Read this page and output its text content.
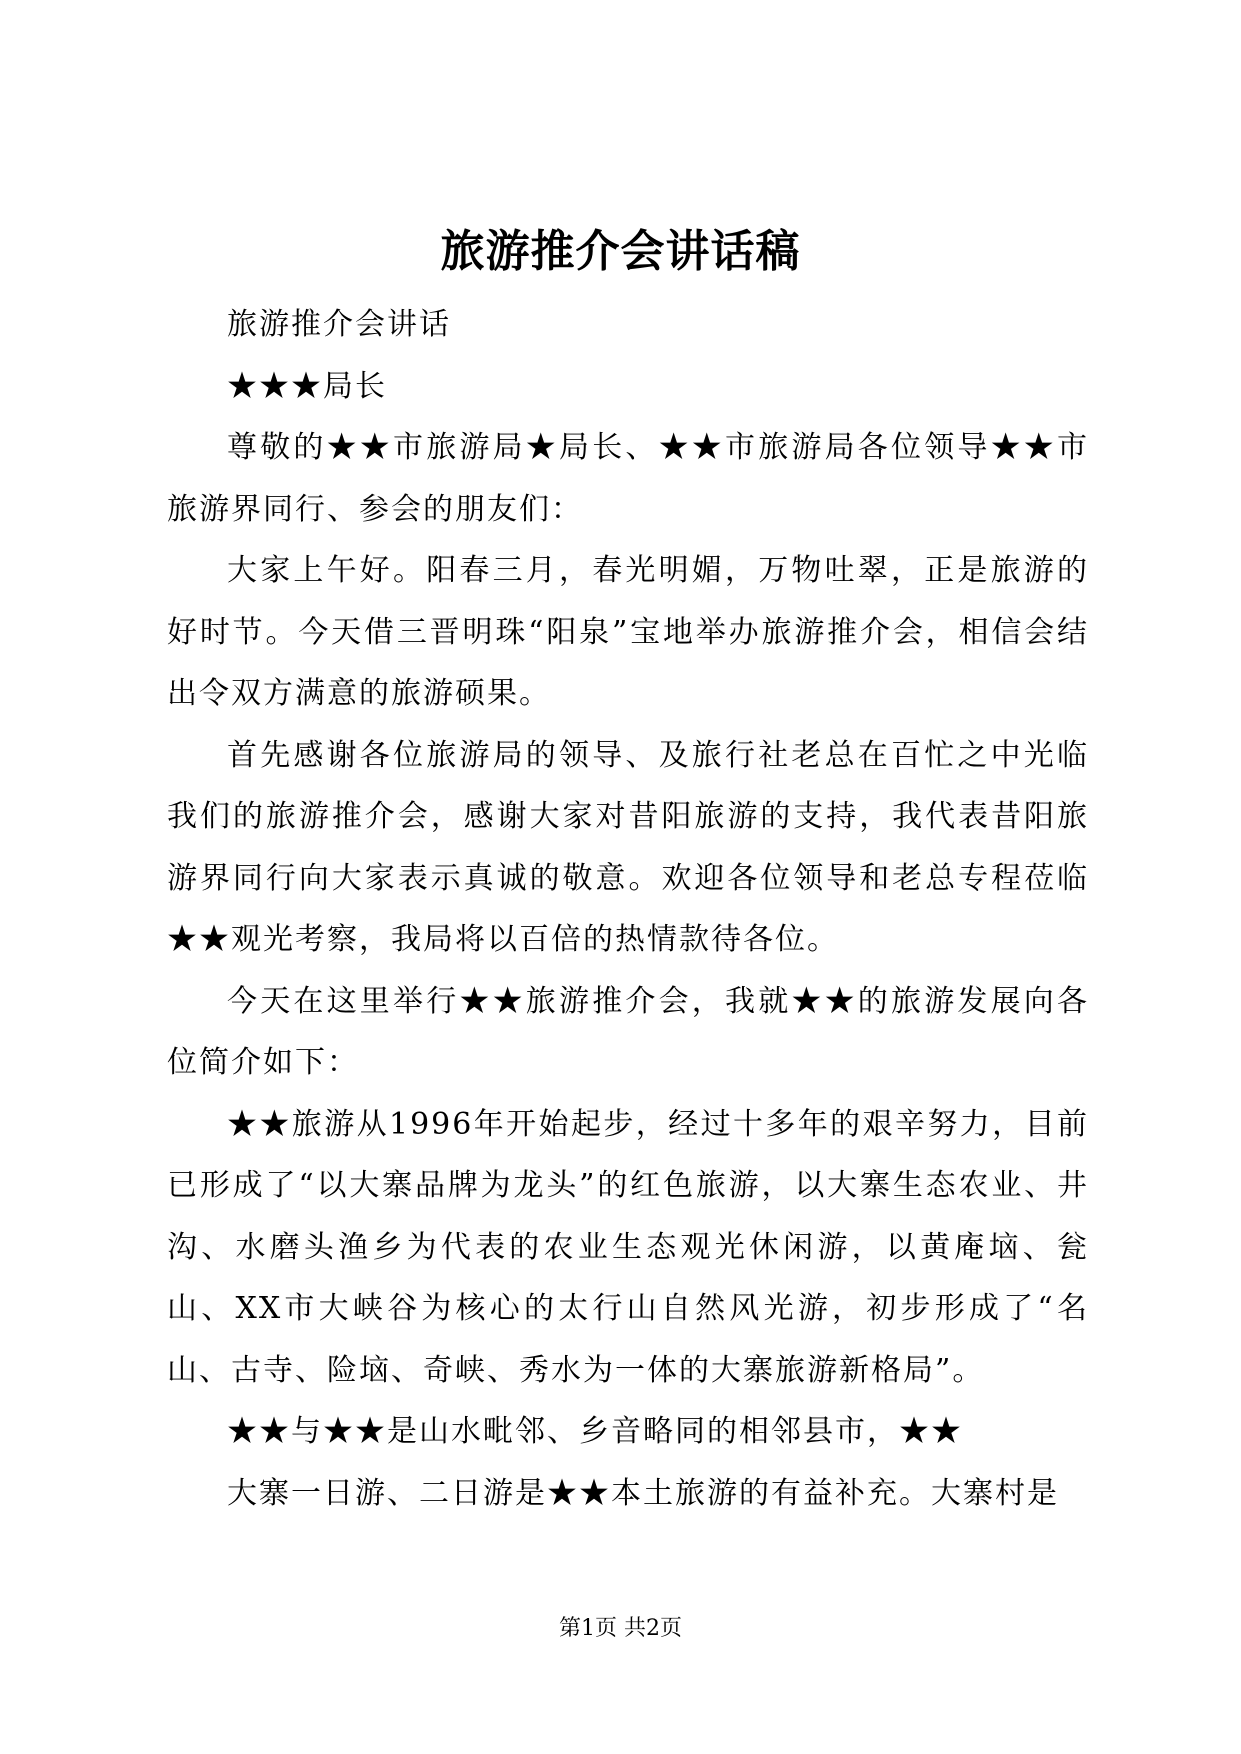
旅游推介会讲话稿

旅游推介会讲话

★★★局长

尊敬的★★市旅游局★局长、★★市旅游局各位领导★★市旅游界同行、参会的朋友们：

大家上午好。阳春三月，春光明媚，万物吐翠，正是旅游的好时节。今天借三晋明珠“阳泉”宝地举办旅游推介会，相信会结出令双方满意的旅游硕果。

首先感谢各位旅游局的领导、及旅行社老总在百忙之中光临我们的旅游推介会，感谢大家对昔阳旅游的支持，我代表昔阳旅游界同行向大家表示真诚的敬意。欢迎各位领导和老总专程莅临★★观光考察，我局将以百倍的热情款待各位。

今天在这里举行★★旅游推介会，我就★★的旅游发展向各位简介如下：

★★旅游从1996年开始起步，经过十多年的艰辛努力，目前已形成了“以大寨品牌为龙头”的红色旅游，以大寨生态农业、井沟、水磨头渔乡为代表的农业生态观光休闲游，以黄庵垴、瓮山、XX市大峡谷为核心的太行山自然风光游，初步形成了“名山、古寺、险垴、奇峡、秀水为一体的大寨旅游新格局”。

★★与★★是山水毗邻、乡音略同的相邻县市，★★

大寨一日游、二日游是★★本土旅游的有益补充。大寨村是

第1页 共2页
